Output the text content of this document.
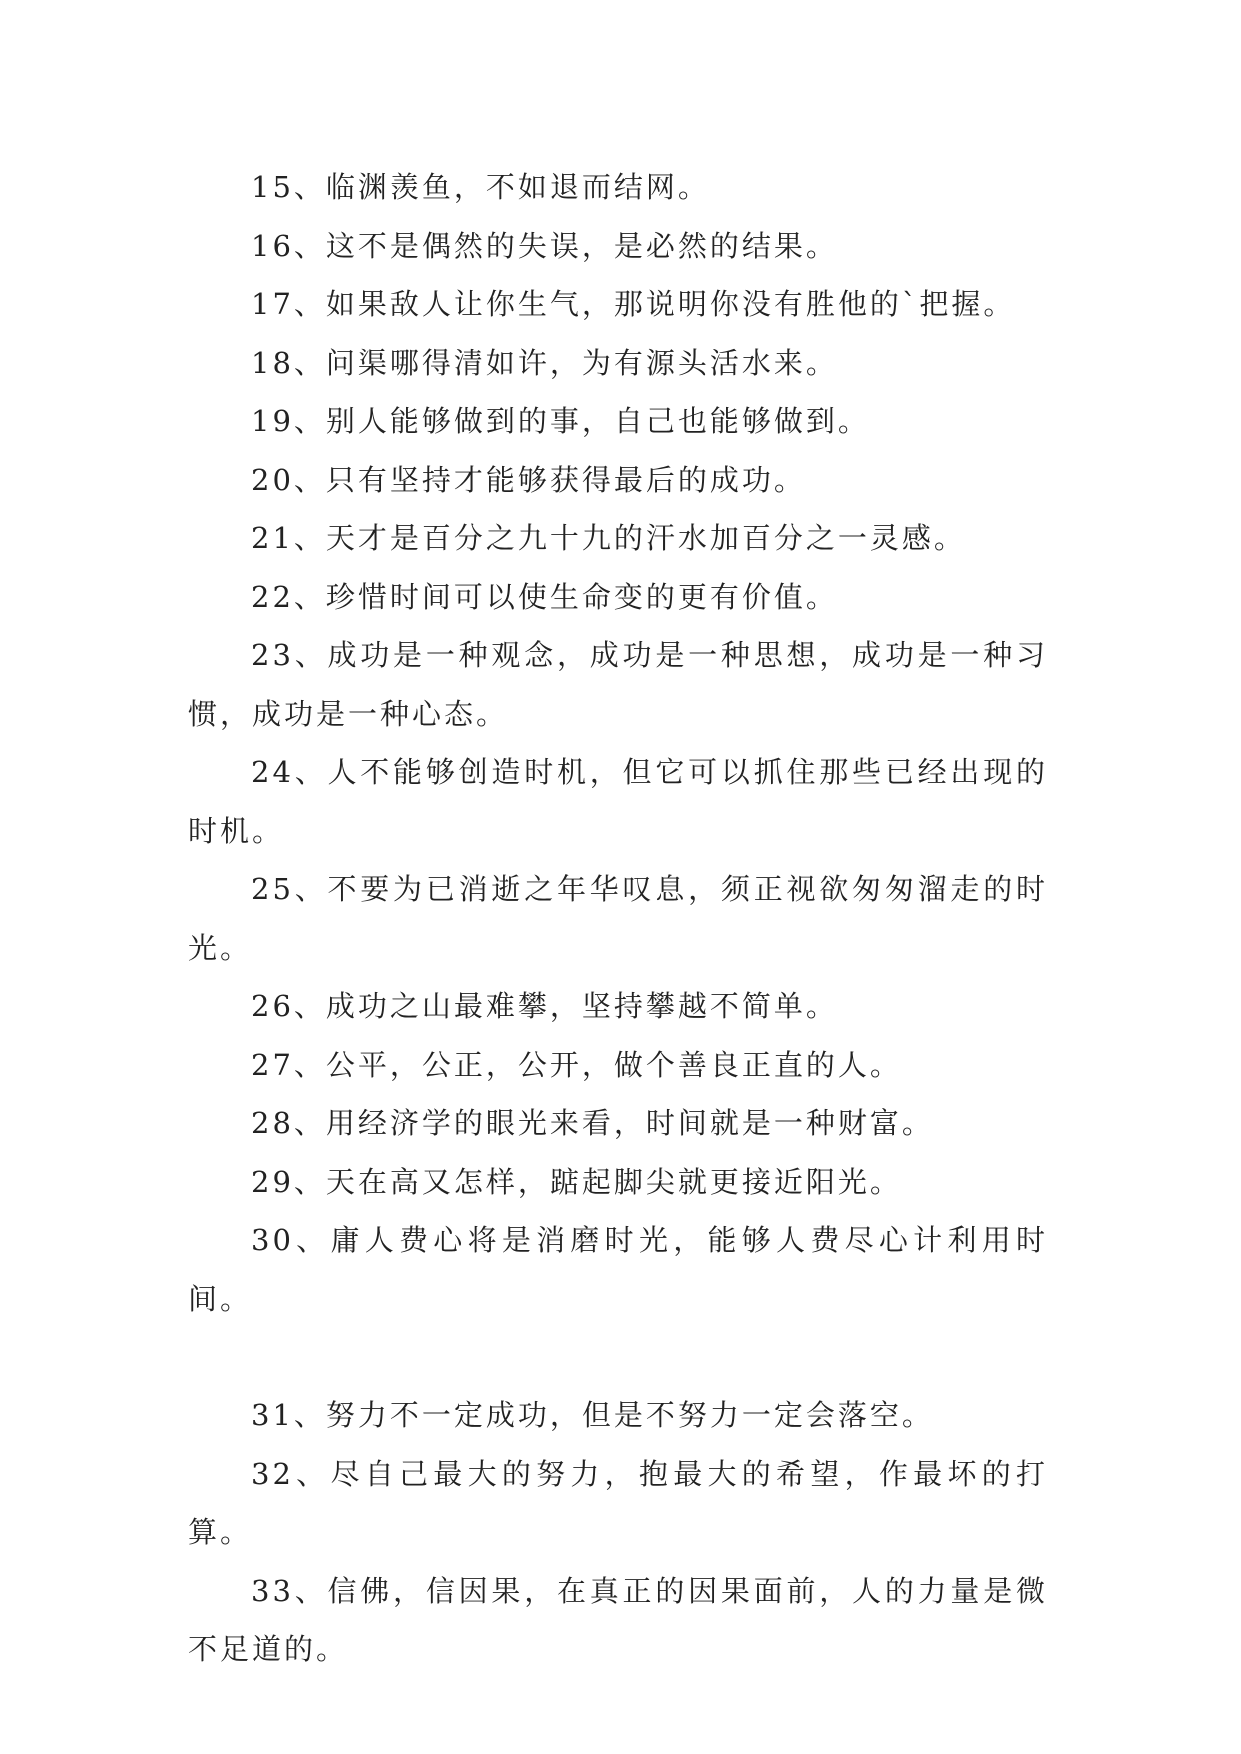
15、临渊羡鱼，不如退而结网。

16、这不是偶然的失误，是必然的结果。

17、如果敌人让你生气，那说明你没有胜他的`把握。

18、问渠哪得清如许，为有源头活水来。

19、别人能够做到的事，自己也能够做到。

20、只有坚持才能够获得最后的成功。

21、天才是百分之九十九的汗水加百分之一灵感。

22、珍惜时间可以使生命变的更有价值。

23、成功是一种观念，成功是一种思想，成功是一种习惯，成功是一种心态。

24、人不能够创造时机，但它可以抓住那些已经出现的时机。

25、不要为已消逝之年华叹息，须正视欲匆匆溜走的时光。

26、成功之山最难攀，坚持攀越不简单。

27、公平，公正，公开，做个善良正直的人。

28、用经济学的眼光来看，时间就是一种财富。

29、天在高又怎样，踮起脚尖就更接近阳光。

30、庸人费心将是消磨时光，能够人费尽心计利用时间。

31、努力不一定成功，但是不努力一定会落空。

32、尽自己最大的努力，抱最大的希望，作最坏的打算。

33、信佛，信因果，在真正的因果面前，人的力量是微不足道的。
